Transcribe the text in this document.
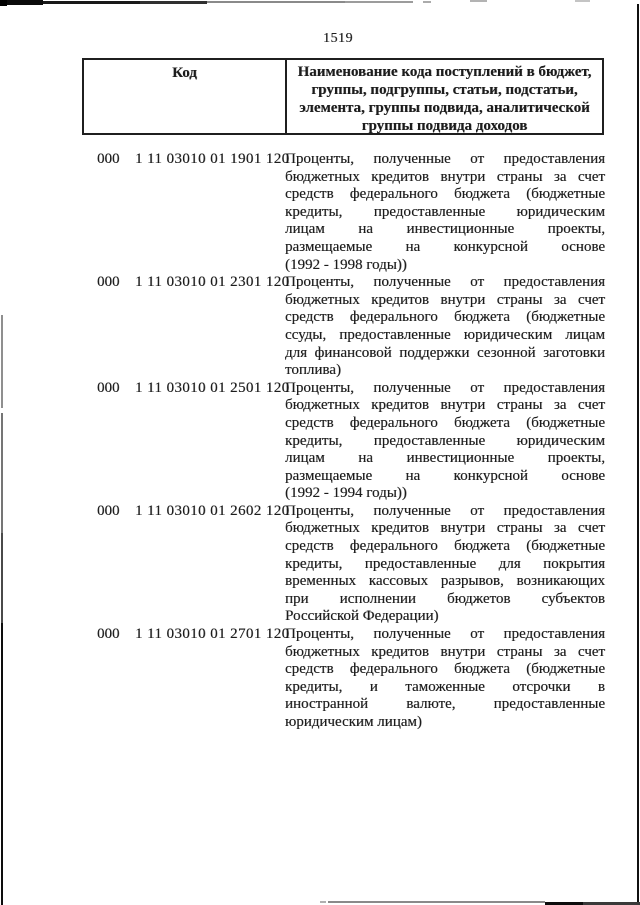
1519
Код	Наименование кода поступлений в бюджет, группы, подгруппы, статьи, подстатьи, элемента, группы подвида, аналитической группы подвида доходов
000	1 11 03010 01 1901 120
Проценты, полученные от предоставления
бюджетных кредитов внутри страны за счет
средств федерального бюджета (бюджетные
кредиты, предоставленные юридическим
лицам на инвестиционные проекты,
размещаемые на конкурсной основе
(1992 - 1998 годы))
000	1 11 03010 01 2301 120
Проценты, полученные от предоставления
бюджетных кредитов внутри страны за счет
средств федерального бюджета (бюджетные
ссуды, предоставленные юридическим лицам
для финансовой поддержки сезонной заготовки
топлива)
000	1 11 03010 01 2501 120
Проценты, полученные от предоставления
бюджетных кредитов внутри страны за счет
средств федерального бюджета (бюджетные
кредиты, предоставленные юридическим
лицам на инвестиционные проекты,
размещаемые на конкурсной основе
(1992 - 1994 годы))
000	1 11 03010 01 2602 120
Проценты, полученные от предоставления
бюджетных кредитов внутри страны за счет
средств федерального бюджета (бюджетные
кредиты, предоставленные для покрытия
временных кассовых разрывов, возникающих
при исполнении бюджетов субъектов
Российской Федерации)
000	1 11 03010 01 2701 120
Проценты, полученные от предоставления
бюджетных кредитов внутри страны за счет
средств федерального бюджета (бюджетные
кредиты, и таможенные отсрочки в
иностранной валюте, предоставленные
юридическим лицам)
